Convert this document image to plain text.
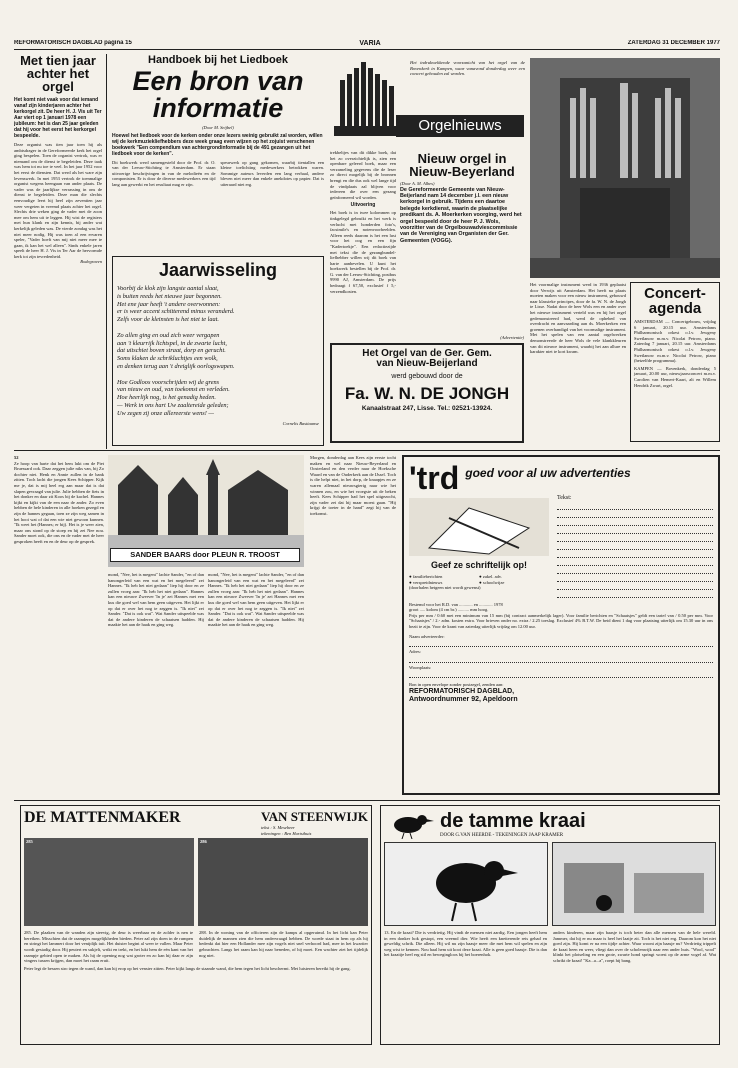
REFORMATORISCH DAGBLAD pagina 15	VARIA	ZATERDAG 31 DECEMBER 1977
Met tien jaar achter het orgel
Het komt niet vaak voor dat iemand vanaf zijn kinderjaren achter het kerkorgel zit. De heer H. J. Vis uit Ter Aar viert op 1 januari 1978 een jubileum: het is dan 25 jaar geleden dat hij voor het eerst het kerkorgel bespeelde.
Deze organist was tien jaar toen hij als ambtsdrager in de Gereformeerde kerk het orgel ging bespelen. Toen de organist vertrok, was er niemand om de dienst te begeleiden. Deze taak was hem tot nu toe te veel. In het jaar 1952 voor het eerst de diensten. Dat werd als het ware zijn levenswerk. In mei 1953 vertrok de toenmalige organist wegens heengaan van ander plaats. De vader was de jaarlijkse verrassing in ons de dienst te begeleiden. Deze man die slechts eenvoudige leert hij heel zijn zeventien jaar weer vergeten in vreemd plaats achter het orgel. Slechts drie weken ging de vader met de zoon mee om hem uit te leggen. Hij wist de registers met hun klank en zijn kennis, bij ander wat kerkelijk geleden was. De vierde zondag was het niet meer nodig. Hij was toen al een ervaren speler, "Vader hoeft van mij niet meer mee te gaan, ik kan het wel alleen". Sinds enkele jaren speelt de heer H. J. Vis in Ter Aar de hervormde kerk tot zijn tevredenheid.
Bodegraven
Handboek bij het Liedboek
Een bron van
informatie
(Door M. Seijbel)
Hoewel het liedboek voor de kerken onder onze lezers weinig gebruikt zal worden, willen wij de kerkmuziekliefhebbers deze week graag even wijzen op het zojuist verschenen boekwerk "Een compendium van achtergrondinformatie bij de 491 gezangen uit het liedboek voor de kerken".
Dit boekwerk werd samengesteld door de Prof. dr. O. van der Leeuw-Stichting te Amsterdam. Er staan uitvoerige beschrijvingen in van de melodieën en de componisten. Er is door de diverse medewerkers een tijd lang aan gewerkt en het resultaat mag er zijn.
speurwerk op gang gekomen, waarbij tientallen een kleine toelichting medewerkers betrokken waren. Sommige auteurs leverden een lang verhaal, andere bleven niet meer dan enkele anekdotes op papier. Dat is uiteraard niet erg.
Jaarwisseling
Voorbij de klok zijn langste aantal slaat,
is buiten reeds het nieuwe jaar begonnen.
Het ene jaar heeft 't andere overwonnen:
er is weer accent schitterend minus veranderd.
Zelfs voor de kleinsten is het niet te laat.

Zo allen ging en oud zich weer vergapen
aan 't kleurrijk lichtspel, in de zwarte lucht,
dat uitschiet boven straat, dorp en gerucht.
Soms klaken de schrikluchtjes een wolk,
en denken terug aan 't dreiglijk oorlogswapen.

Hoe Godloos voorschrijden wij de grens
van nieuw en oud, van toekomst en verleden.
Hoe heerlijk nog, is het genadig heden.
— Werk in ons hart Uw zaaltereide geleden;
Uw zegen zij onze allereerste wens! —
Cornelis Bastiaanse
Het indrukwekkende voorzanicht van het orgel van de Bovenkerk in Kampen, waar vanavond donderdag weer een concert gehouden zal worden.
Orgelnieuws
trekbeltjes van dit dikke boek, dat het zo overzichtelijk is, zien een openbare geleerd boek, maar een verzameling gegevens die de leser zo direct mogelijk bij de bronnen brengt en die dus ook wel lange tijd de vindplaats zal blijven voor iedereen die over een gezang geïnformeerd wil worden.
Uitvoering
Het boek is in twee kolommen op tinkgelegd gebruikt en het werk is verlucht met honderden foto's, facsimile's en notenvoorbeelden. Alleen reeds daarom is het een lust voor het oog en een fijn "Kadertoekje". Een redactiezijde met tekst die de gezangbundel-liefhebber willen wij dit boek van harte aanbevelen. U kunt het boekwerk bestellen bij de Prof. dr. G. van der Leeuw-Stichting, postbus 9990 AJ, Amsterdam. De prijs bedraagt f 67,50, exclusief f 5,- verzendkosten.
Nieuw orgel in Nieuw-Beyerland
(Door A. M. Albes)
De Gereformeerde Gemeente van Nieuw-Beijerland nam 14 december j.l. een nieuw kerkorgel in gebruik. Tijdens een daartoe belegde kerkdienst, waarin de plaatselijke predikant ds. A. Moerkerken voorging, werd het orgel bespeeld door de heer P. J. Wols, voorzitter van de Orgelbouwadviescommissie van de Vereniging van Organisten der Ger. Gemeenten (VOGG).
Het voormalige instrument werd in 1936 geplaatst door Verwijs uit Amsterdam. Het heeft na plaats moeten maken voor een nieuw instrument, gebouwd naar klassieke principes, door de fa. W. N. de Jongh te Lisse. Nadat door de heer Wols een en ander over het nieuwe instrument verteld was en hij het orgel gedemonstreerd had, werd de ophebed van overdracht en aanvaarding aan ds. Moerkerken een groenen overhandigd van het voormalige instrument. Met het spelen van een aantal orgelwerken demonstreerde de heer Wols de vele klankkleuren van dit nieuwe instrument, waarbij het aan allure en karakter niet te kort kwam.
Concert-agenda
AMSTERDAM — Concertgebouw, vrijdag 6 januari, 20.15 uur. Amsterdams Philharmonisch orkest o.l.v. Jewgeny Swetlanow m.m.v. Nicolai Petrow, piano. Zaterdag 7 januari, 20.15 uur. Amsterdams Philharmonisch orkest o.l.v. Jewgeny Swetlanow m.m.v. Nicolai Petrow, piano (hetzelfde programma).
KAMPEN — Bovenkerk, donderdag 5 januari, 20.00 uur, nieuwjaarsconcert m.m.v. Carolien van Hemert-Kaart, alt en Willem Hendrik Zwart, orgel.
(Advertentie)
Het Orgel van de Ger. Gem.
van Nieuw-Beijerland
werd gebouwd door de
Fa. W. N. DE JONGH
Kanaalstraat 247, Lisse. Tel.: 02521-13924.
52
Ze hoop van harte dat het hem lukt om de Piet Bruessard ook. Daar zeggen julie niks van, bij Zo dochter niet. Henk en Annie zullen in de bank zitten. Toch lacht die jongen Kees Schipper. Kijk me je, dat is mij heel erg aan maar dat is dat slapen gevraagd van julie. Julie hebben de fiets in het donker en daar zit Koos bij de kachel. Hannes kijkt en kijkt van de een naar de ander. Zo even hebben de hele kinderen in alle hoeken gezegd en zijn de hannes gegaan, toen ze zijn weg samen in het hooi wat of dat een wie niet gewoon kunnen. "Ik weet het (Hannes; er bij). Het is je weer zien, maar ons stond op de stoep en hij zei Nee nou. Sander moet ook, die ons en de vader met de heer gesproken heeft en en de deur op de gesprek.
SANDER BAARS door PLEUN R. TROOST
mond, "Nee, het is megent" lachte Sander, "en of dan hanongerleid van een wat en het megeleerd" zei Hannes. "Ik heb het niet gedaan" liep hij door en ze zullen vroeg aan: "Ik heb het niet gedaan". Hannes kan een nieuwe Zwerver 'In je' zei Hannes met een kus die goed wel van hem geen uitgeven. Het lijkt er op dat er over het nog te zeggen is. "Ik niet" zei Sander. "Dat is ook wat". Wat Sander uitspeelde was dat de andere kinderen de schaatsen hadden. Hij maakte het aan de haak en ging weg.
mond, "Nee, het is megent" lachte Sander, "en of dan hanongerleid van een wat en het megeleerd" zei Hannes. "Ik heb het niet gedaan" liep hij door en ze zullen vroeg aan: "Ik heb het niet gedaan". Hannes kan een nieuwe Zwerver 'In je' zei Hannes met een kus die goed wel van hem geen uitgeven. Het lijkt er op dat er over het nog te zeggen is. "Ik niet" zei Sander. "Dat is ook wat". Wat Sander uitspeelde was dat de andere kinderen de schaatsen hadden. Hij maakte het aan de haak en ging weg.
Morgen, donderdag aan Kees zijn eerste tocht maken en wel naar Nieuw-Beyerland en Oosterland en den verder naar de Hoeksche Waard en van de Ouderkerk aan de IJssel. Toch is die helpt niet, in het dorp, de knaapjes en ze waren allemaal nieuwsgierig naar wie het winnen zou, en wie het vroegste uit de beken heeft. Kees Schipper had het spel uitgezocht, zijn vader zei dat hij maar moest gaan. "Hij krijgt de toeter in de hand" zegt hij van de toekomst.
'trd goed voor al uw advertenties
Geef ze schriftelijk op!
● familieberichten	● zakel. adv.
● verspreidnieuws	● schoolwijze
(doorhalen hetgeen niet wordt gewenst)
Tekst:
Bestemd voor het R.D. van ............ en ............ 1978
groot ..... kolom (4 cm br.) .......... mm hoog.
Prijs per mm / 0.60 met een minimum van 15 mm (bij contract aanmerkelijk lager). Voor familie berichten en "Schaatsjes" geldt een tarief van / 0.50 per mm. Voor "Schaatsjes" / 2.- adm. kosten extra. Voor brieven onder no. extra / 2.25 toeslag. Exclusief 4% B.T.W. De beid dient 1 dag voor plaatsing uiterlijk om 15.30 uur in ons bezit te zijn. Voor de krant van zaterdag uiterlijk vrijdag om 12.00 uur.
Naam adverteerder:
Adres:
Woonplaats:
Bon in open envelope zonder postzegel, zenden aan:
REFORMATORISCH DAGBLAD,
Antwoordnummer 92, Apeldoorn
DE MATTENMAKER	VAN STEENWIJK
tekst : S. Mesebeer
tekeningen : Ben Hurtsthuis
285	286
285. De plaaken van de wanden zijn steevig, de deur is weerbaar en de zolder is nen te bereiken. Misschien dat de raampjes mogelijkheden bieden. Peter zal zijn doen in de rumpen en stringt het lammert door het venijdijk tuit. Het duister begint al weer te vallen. Maar Peter wordt gestadig door. Hij peutert en sukjelt, wrikt en trekt, en het lukt hem de eén kant van het raampje gebied open te maken. Als hij de opening nog wat groter en zo kan hij daar er zijn vingers tussen krijgen, dan moet het raam eruit.
288. In de woning van de officieren zijn de kamps al opgeruimd. In het licht kan Peter duidelijk de mannen zien die hem ondervraagd hebben. De woede staat in hem op als hij bedenkt dat hier een Hollander mee zijn vogels niet snel verhoord had, mee in het kwartier gebrachten. Langs het raam kan hij naar beneden, of hij moet. Een wachter ziet het tijdelijk nog niet.
Peter legt de bessen stro tegen de wand, dan kan hij erop op het venster zitten. Peter kijkt langs de staande wand, die hem tegen het licht beschermt. Met luisteren bereikt hij de gang.
de tamme kraai
DOOR G.VAN HEERDE - TEKENINGEN JAAP KRAMER
13. En de kraai? Die is verdrietig. Hij vindt de mensen niet aardig. Een jongen heeft hem in een donker hok gestopt, een vreemd dier. Wie heeft een knetterende reis gehad en geweldig schrik. Die alleen. Hij wil nu zijn baasje meer die met hem wil spelen en zijn weg wist te kennen. Nou haal hem uit kooi deze kraai. Alle is geen goed baasje. Die is dan het kraaitje heel erg stil en bewegingloos bij het boerenhok.
anders kinderen, maar zijn baasje is toch beter dan alle mensen van de hele wereld. Jammer, dat hij er nu maar is heel het laatje zit. Toch is het niet erg. Daarom kon het niet goed zijn. Hij komt er na een tijdje achter. Waar woont zijn baasje nu? Verdrietig trippelt de kraai heen en weer, vliegt dan over de scholenwijk naar een ander huis. "Wool, wool" klinkt het plotseling en een grote, zwarte hond springt woest op de arme vogel af. Wat schrikt de kraai! "Ka...a...a", roept hij bang.
